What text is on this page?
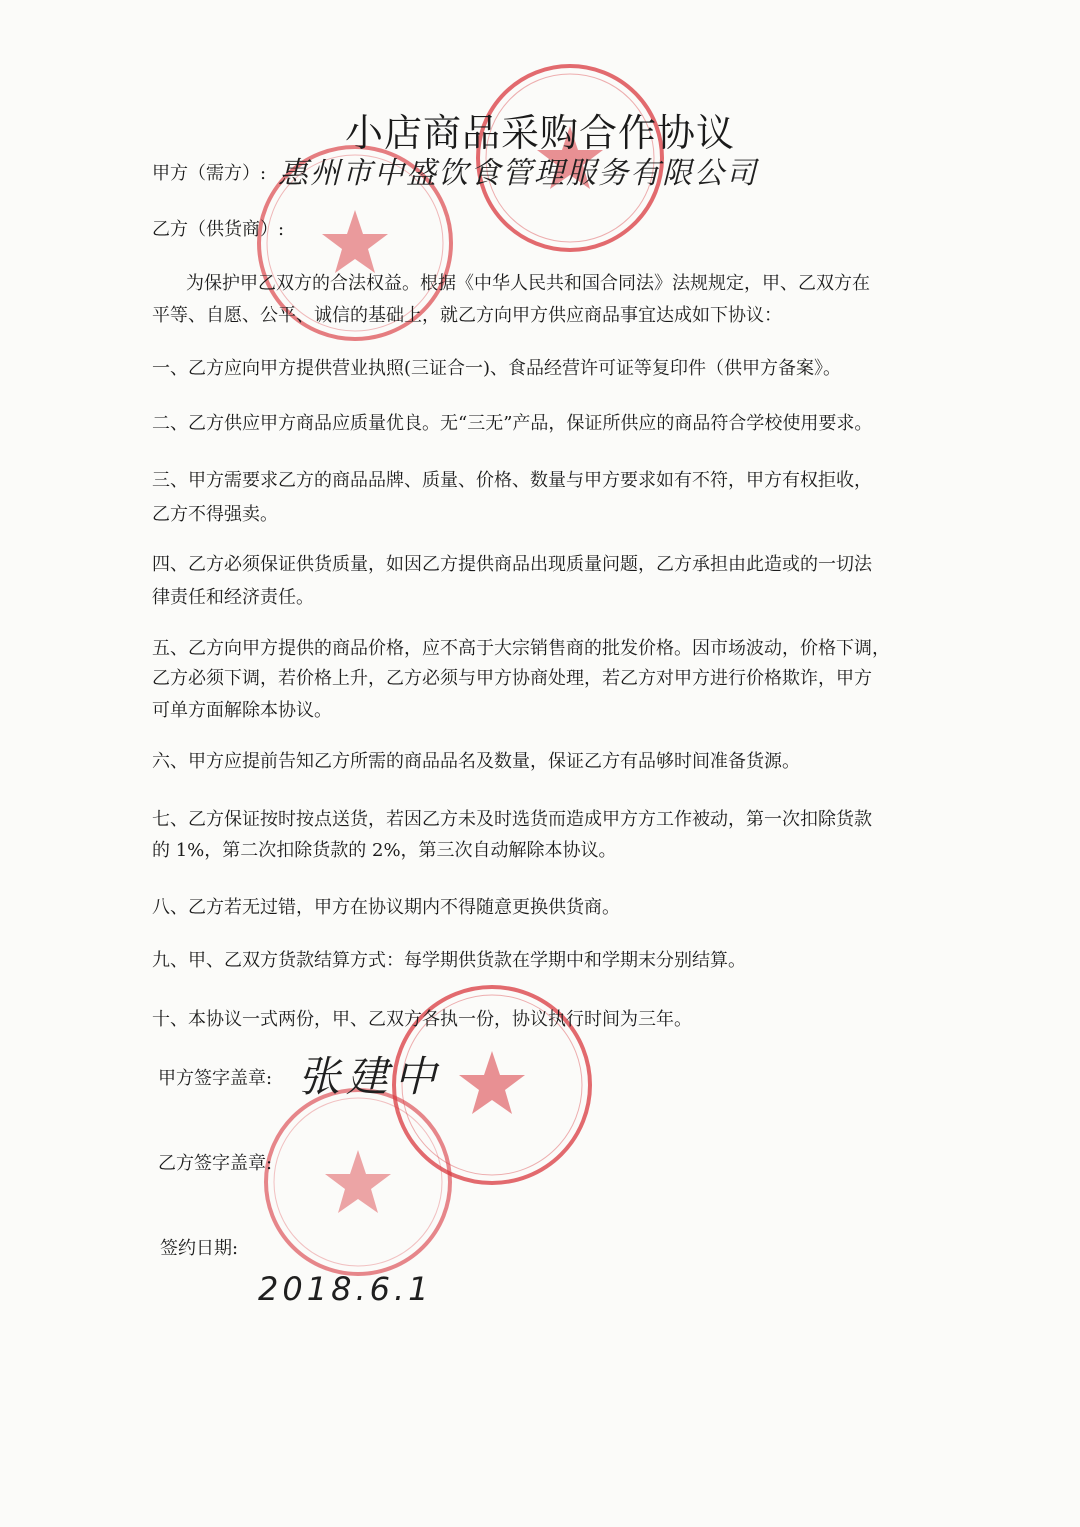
小店商品采购合作协议
甲方（需方）: 惠州市中盛饮食管理服务有限公司
乙方（供货商）:
为保护甲乙双方的合法权益。根据《中华人民共和国合同法》法规规定，甲、乙双方在
平等、自愿、公平、诚信的基础上，就乙方向甲方供应商品事宜达成如下协议：
一、乙方应向甲方提供营业执照(三证合一)、食品经营许可证等复印件（供甲方备案》。
二、乙方供应甲方商品应质量优良。无“三无”产品，保证所供应的商品符合学校使用要求。
三、甲方需要求乙方的商品品牌、质量、价格、数量与甲方要求如有不符，甲方有权拒收，
乙方不得强卖。
四、乙方必须保证供货质量，如因乙方提供商品出现质量问题，乙方承担由此造或的一切法
律责任和经济责任。
五、乙方向甲方提供的商品价格，应不高于大宗销售商的批发价格。因市场波动，价格下调，
乙方必须下调，若价格上升，乙方必须与甲方协商处理，若乙方对甲方进行价格欺诈，甲方
可单方面解除本协议。
六、甲方应提前告知乙方所需的商品品名及数量，保证乙方有品够时间准备货源。
七、乙方保证按时按点送货，若因乙方未及时选货而造成甲方方工作被动，第一次扣除货款
的 1%，第二次扣除货款的 2%，第三次自动解除本协议。
八、乙方若无过错，甲方在协议期内不得随意更换供货商。
九、甲、乙双方货款结算方式：每学期供货款在学期中和学期末分别结算。
十、本协议一式两份，甲、乙双方各执一份，协议执行时间为三年。
甲方签字盖章: 张建中
乙方签字盖章:
签约日期:
2018.6.1
